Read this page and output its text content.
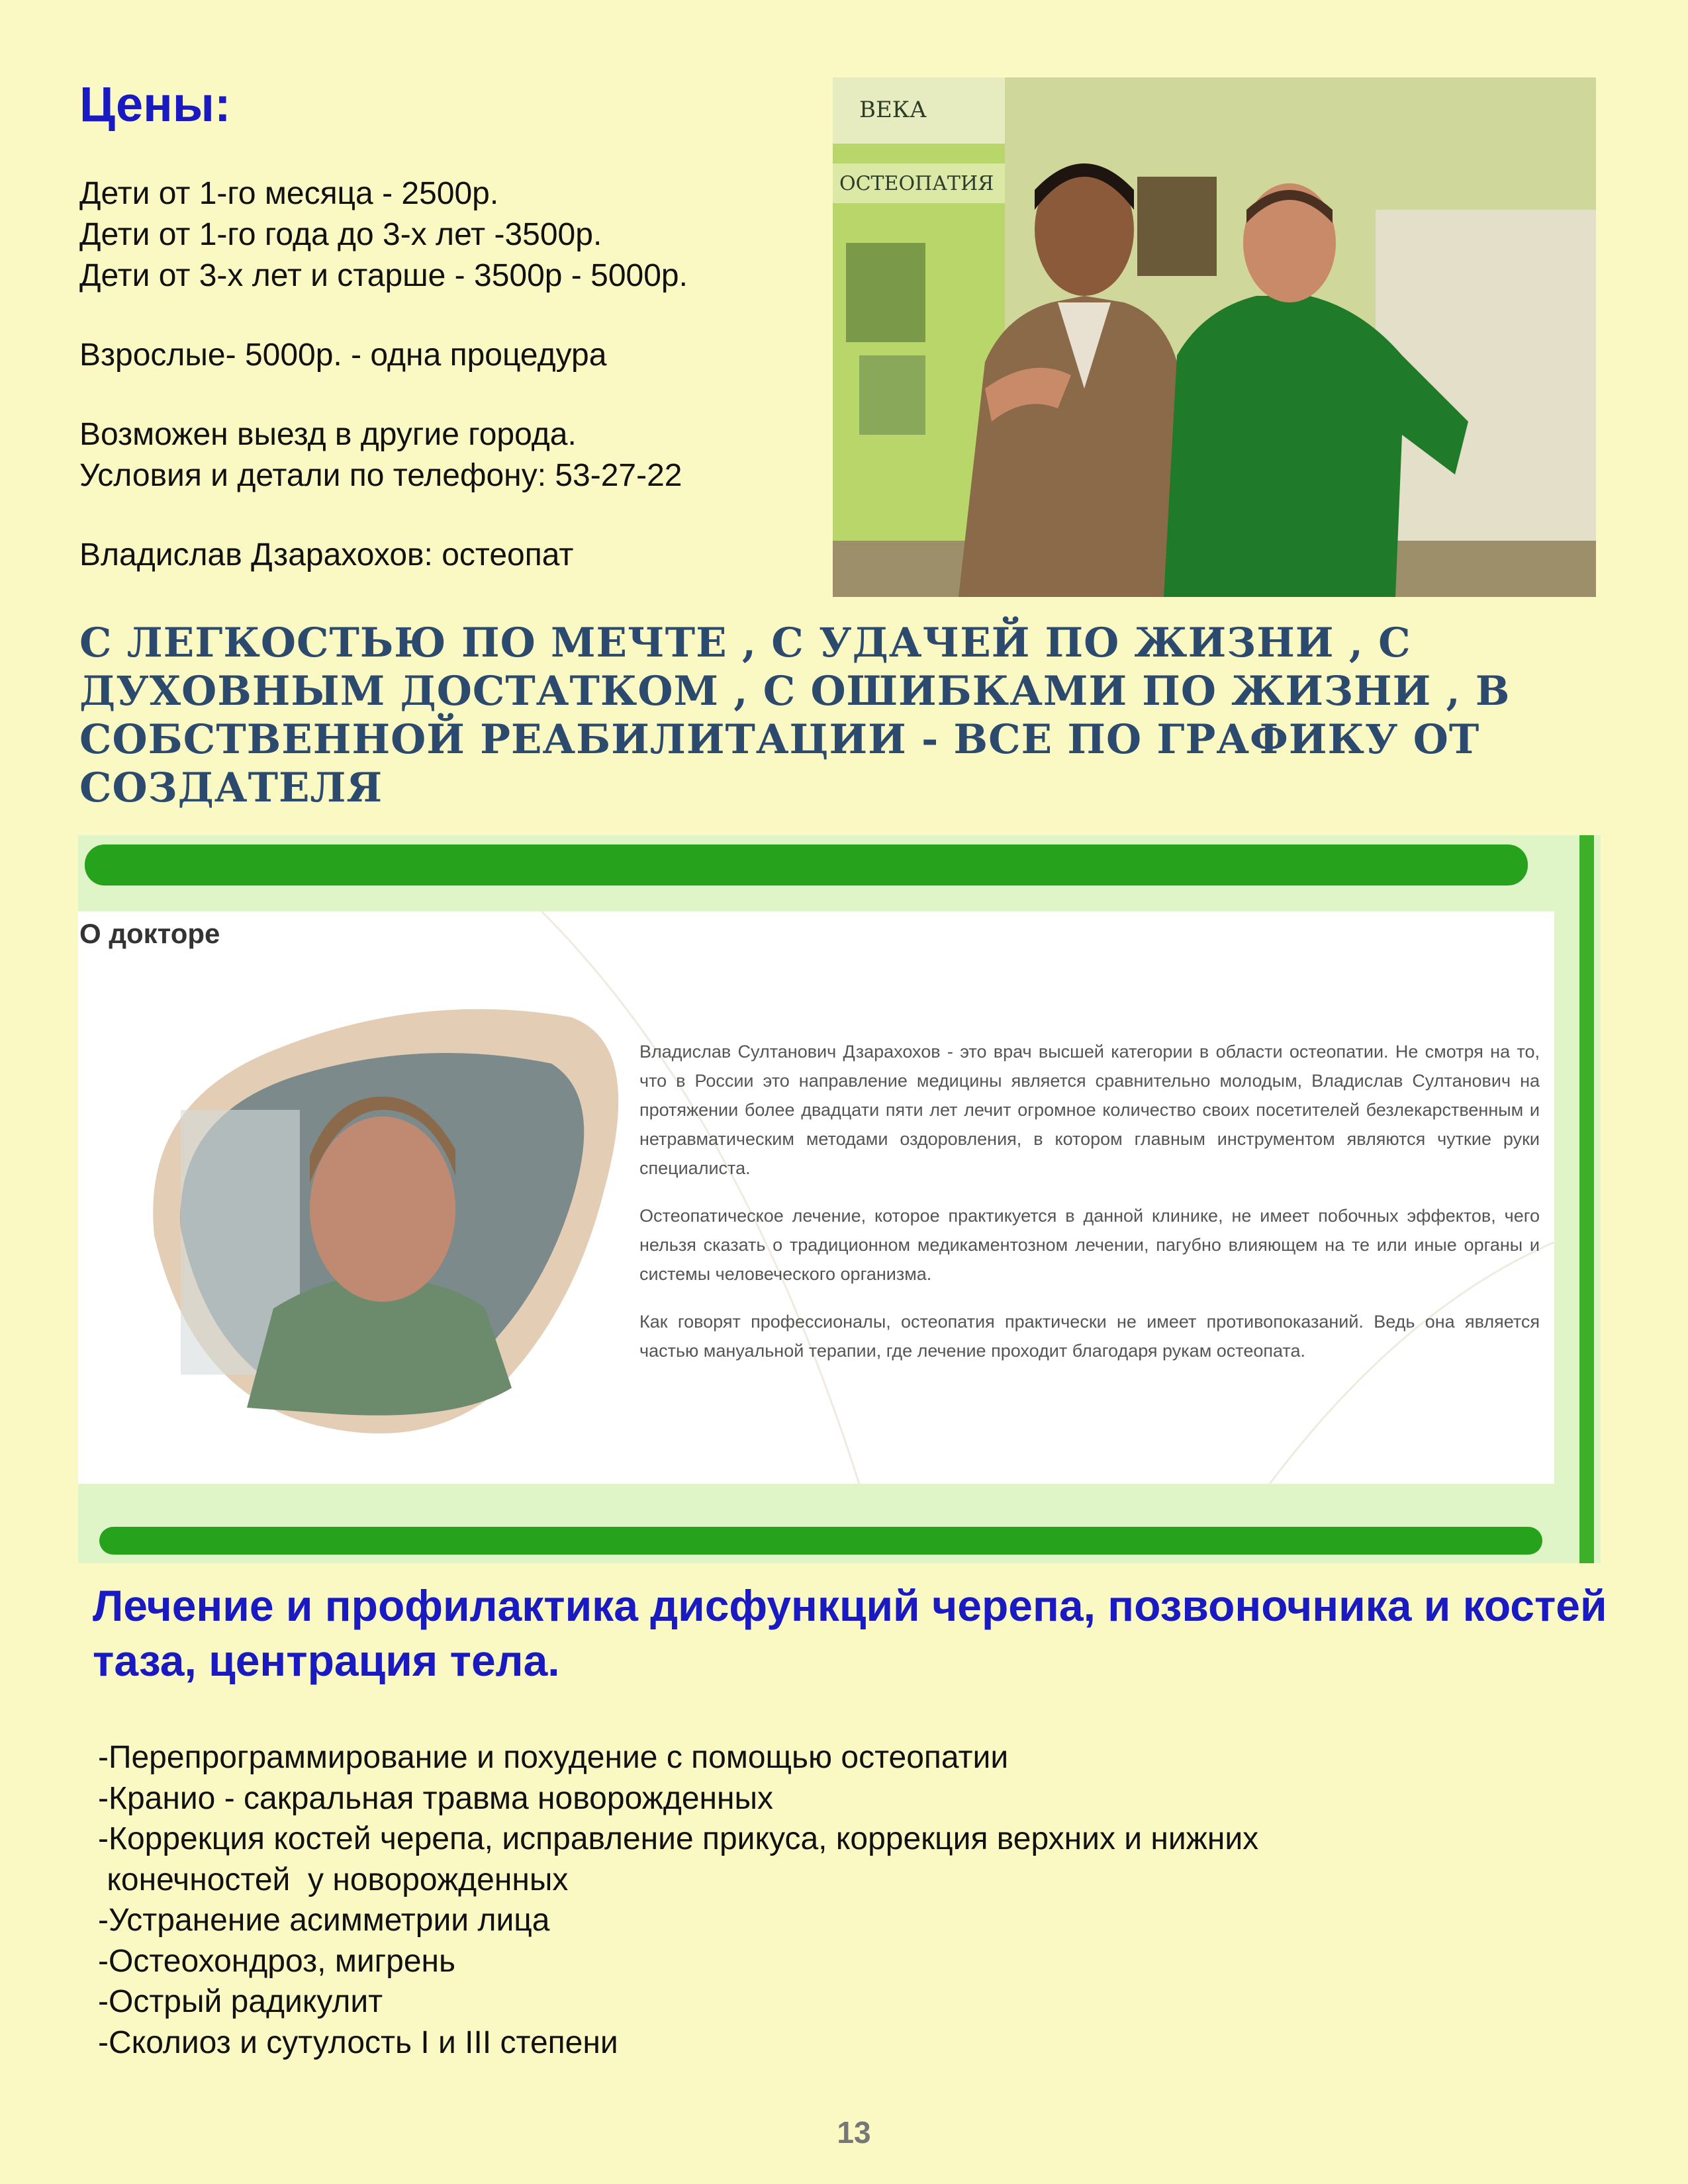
Цены:

Дети от 1-го месяца - 2500р.

Дети от 1-го года до 3-х лет -3500р.

Дети от 3-х лет и старше - 3500р - 5000р.

Взрослые- 5000р. - одна процедура

Возможен выезд в другие города.

Условия и детали по телефону: 53-27-22

Владислав Дзарахохов: остеопат

ВЕКА
ОСТЕОПАТИЯ
С ЛЕГКОСТЬЮ ПО МЕЧТЕ , С УДАЧЕЙ ПО ЖИЗНИ , С ДУХОВНЫМ ДОСТАТКОМ , С ОШИБКАМИ ПО ЖИЗНИ , В СОБСТВЕННОЙ РЕАБИЛИТАЦИИ - ВСЕ ПО ГРАФИКУ ОТ СОЗДАТЕЛЯ
О докторе

Владислав Султанович Дзарахохов - это врач высшей категории в области остеопатии. Не смотря на то, что в России это направление медицины является сравнительно молодым, Владислав Султанович на протяжении более двадцати пяти лет лечит огромное количество своих посетителей безлекарственным и нетравматическим методами оздоровления, в котором главным инструментом являются чуткие руки специалиста.

Остеопатическое лечение, которое практикуется в данной клинике, не имеет побочных эффектов, чего нельзя сказать о традиционном медикаментозном лечении, пагубно влияющем на те или иные органы и системы человеческого организма.

Как говорят профессионалы, остеопатия практически не имеет противопоказаний. Ведь она является частью мануальной терапии, где лечение проходит благодаря рукам остеопата.

Лечение и профилактика дисфункций черепа, позвоночника и костей таза, центрация тела.
-Перепрограммирование и похудение с помощью остеопатии
-Кранио - сакральная травма новорожденных
-Коррекция костей черепа, исправление прикуса, коррекция верхних и нижних
конечностей  у новорожденных
-Устранение асимметрии лица
-Остеохондроз, мигрень
-Острый радикулит
-Сколиоз и сутулость I и III степени
13
